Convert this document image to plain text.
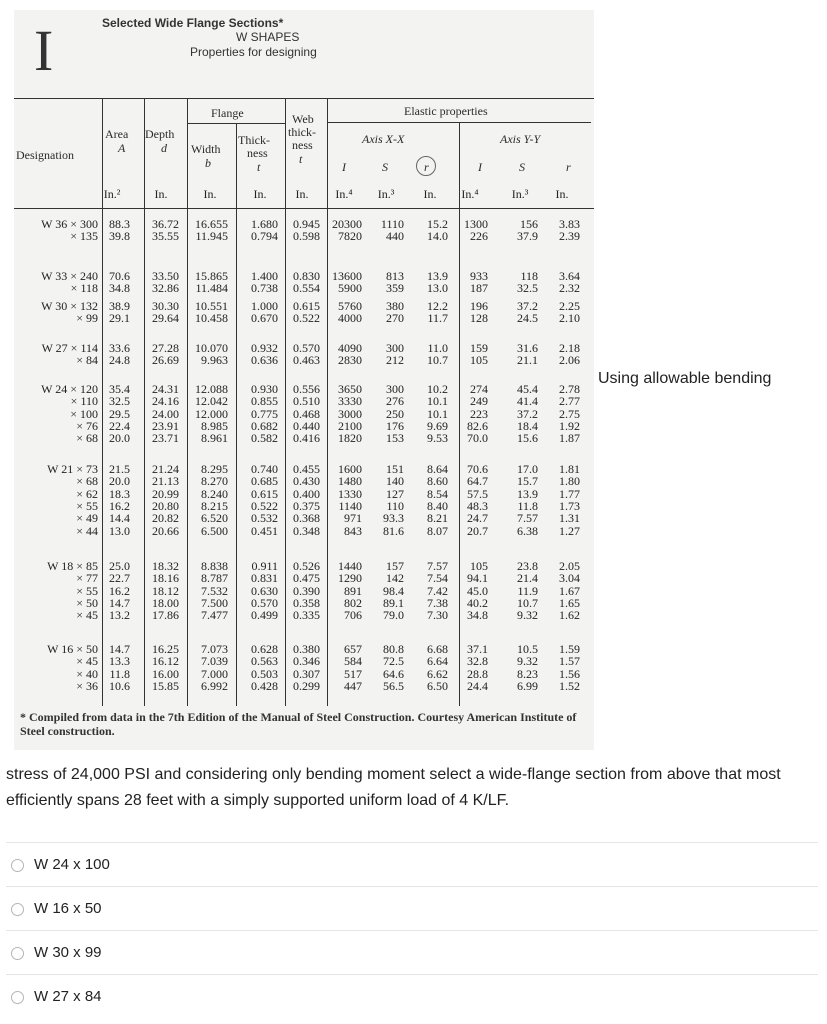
I	Selected Wide Flange Sections*
W SHAPES
Properties for designing
Designation
Area
A
Depth
d
Flange
Width
b
Thick-
ness
t
Web
thick-
ness
t
Elastic properties
Axis X-X	Axis Y-Y
I	S	r	I	S	r
In.²	In.	In.	In.	In.	In.⁴	In.³	In.	In.⁴	In.³	In.
W 36 × 300 88.3	36.72	16.655	1.680	0.945	20300	1110	15.2	1300	156	3.83
× 135 39.8	35.55	11.945	0.794	0.598	7820	440	14.0	226	37.9	2.39
W 33 × 240 70.6	33.50	15.865	1.400	0.830	13600	813	13.9	933	118	3.64
× 118 34.8	32.86	11.484	0.738	0.554	5900	359	13.0	187	32.5	2.32
W 30 × 132 38.9	30.30	10.551	1.000	0.615	5760	380	12.2	196	37.2	2.25
× 99 29.1	29.64	10.458	0.670	0.522	4000	270	11.7	128	24.5	2.10
W 27 × 114 33.6	27.28	10.070	0.932	0.570	4090	300	11.0	159	31.6	2.18
× 84 24.8	26.69	9.963	0.636	0.463	2830	212	10.7	105	21.1	2.06
W 24 × 120 35.4	24.31	12.088	0.930	0.556	3650	300	10.2	274	45.4	2.78
× 110 32.5	24.16	12.042	0.855	0.510	3330	276	10.1	249	41.4	2.77
× 100 29.5	24.00	12.000	0.775	0.468	3000	250	10.1	223	37.2	2.75
× 76 22.4	23.91	8.985	0.682	0.440	2100	176	9.69	82.6	18.4	1.92
× 68 20.0	23.71	8.961	0.582	0.416	1820	153	9.53	70.0	15.6	1.87
W 21 × 73 21.5	21.24	8.295	0.740	0.455	1600	151	8.64	70.6	17.0	1.81
× 68 20.0	21.13	8.270	0.685	0.430	1480	140	8.60	64.7	15.7	1.80
× 62 18.3	20.99	8.240	0.615	0.400	1330	127	8.54	57.5	13.9	1.77
× 55 16.2	20.80	8.215	0.522	0.375	1140	110	8.40	48.3	11.8	1.73
× 49 14.4	20.82	6.520	0.532	0.368	971	93.3	8.21	24.7	7.57	1.31
× 44 13.0	20.66	6.500	0.451	0.348	843	81.6	8.07	20.7	6.38	1.27
W 18 × 85 25.0	18.32	8.838	0.911	0.526	1440	157	7.57	105	23.8	2.05
× 77 22.7	18.16	8.787	0.831	0.475	1290	142	7.54	94.1	21.4	3.04
× 55 16.2	18.12	7.532	0.630	0.390	891	98.4	7.42	45.0	11.9	1.67
× 50 14.7	18.00	7.500	0.570	0.358	802	89.1	7.38	40.2	10.7	1.65
× 45 13.2	17.86	7.477	0.499	0.335	706	79.0	7.30	34.8	9.32	1.62
W 16 × 50 14.7	16.25	7.073	0.628	0.380	657	80.8	6.68	37.1	10.5	1.59
× 45 13.3	16.12	7.039	0.563	0.346	584	72.5	6.64	32.8	9.32	1.57
× 40 11.8	16.00	7.000	0.503	0.307	517	64.6	6.62	28.8	8.23	1.56
× 36 10.6	15.85	6.992	0.428	0.299	447	56.5	6.50	24.4	6.99	1.52
* Compiled from data in the 7th Edition of the Manual of Steel Construction. Courtesy American Institute of Steel construction.
Using allowable bending
stress of 24,000 PSI and considering only bending moment select a wide-flange section from above that most efficiently spans 28 feet with a simply supported uniform load of 4 K/LF.
W 24 x 100
W 16 x 50
W 30 x 99
W 27 x 84
